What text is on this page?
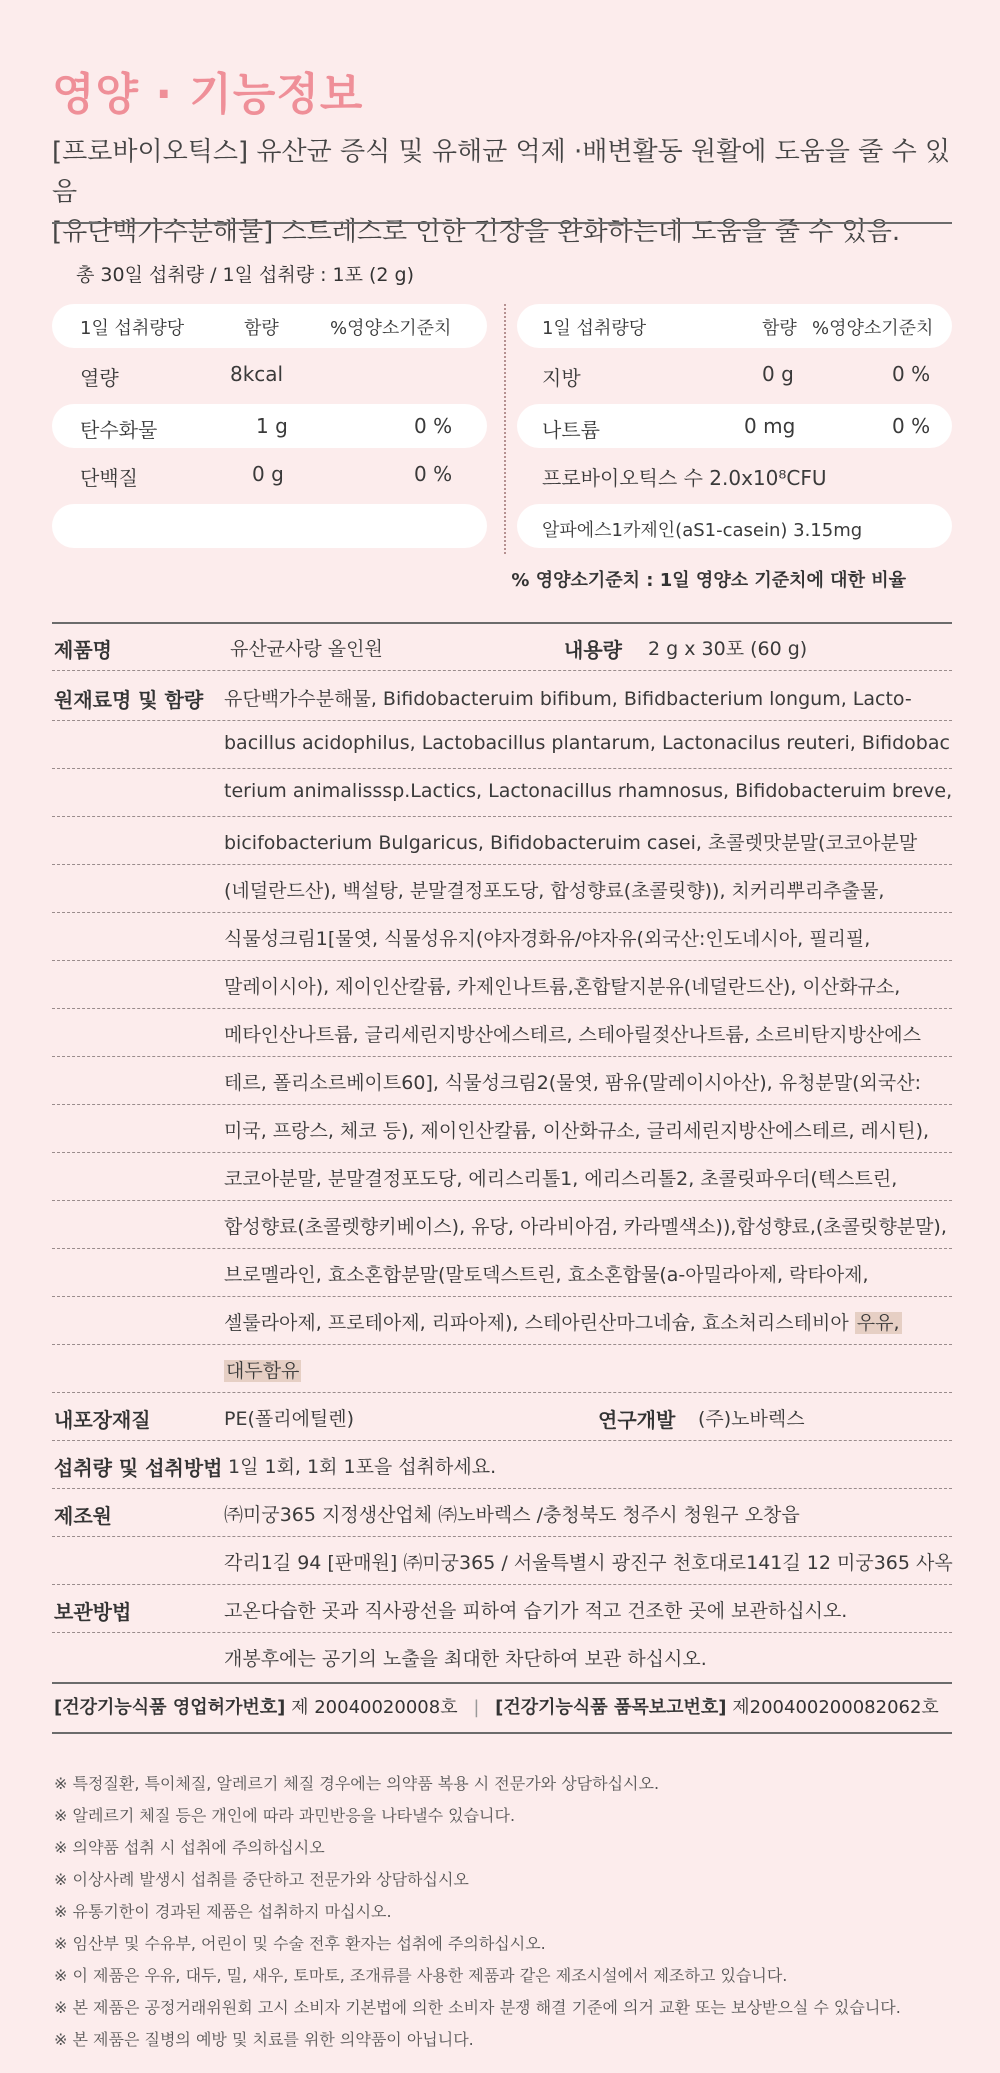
영양 · 기능정보
[프로바이오틱스] 유산균 증식 및 유해균 억제 ·배변활동 원활에 도움을 줄 수 있음
[유단백가수분해물] 스트레스로 인한 긴장을 완화하는데 도움을 줄 수 있음.
총 30일 섭취량 / 1일 섭취량 : 1포 (2 g)
1일 섭취량당	함량	%영양소기준치
열량	8kcal
탄수화물	1 g	0 %
단백질	0 g	0 %
1일 섭취량당	함량 %영양소기준치
지방	0 g	0 %
나트륨	0 mg	0 %
프로바이오틱스 수 2.0x10⁸CFU
알파에스1카제인(aS1-casein) 3.15mg
% 영양소기준치 : 1일 영양소 기준치에 대한 비율
제품명	유산균사랑 올인원	내용량 2 g x 30포 (60 g)
원재료명 및 함량 유단백가수분해물, Bifidobacteruim bifibum, Bifidbacterium longum, Lacto-
bacillus acidophilus, Lactobacillus plantarum, Lactonacilus reuteri, Bifidobac
terium animalisssp.Lactics, Lactonacillus rhamnosus, Bifidobacteruim breve,
bicifobacterium Bulgaricus, Bifidobacteruim casei, 초콜렛맛분말(코코아분말
(네덜란드산), 백설탕, 분말결정포도당, 합성향료(초콜릿향)), 치커리뿌리추출물,
식물성크림1[물엿, 식물성유지(야자경화유/야자유(외국산:인도네시아, 필리필,
말레이시아), 제이인산칼륨, 카제인나트륨,혼합탈지분유(네덜란드산), 이산화규소,
메타인산나트륨, 글리세린지방산에스테르, 스테아릴젖산나트륨, 소르비탄지방산에스
테르, 폴리소르베이트60], 식물성크림2(물엿, 팜유(말레이시아산), 유청분말(외국산:
미국, 프랑스, 체코 등), 제이인산칼륨, 이산화규소, 글리세린지방산에스테르, 레시틴),
코코아분말, 분말결정포도당, 에리스리톨1, 에리스리톨2, 초콜릿파우더(텍스트린,
합성향료(초콜렛향키베이스), 유당, 아라비아검, 카라멜색소)),합성향료,(초콜릿향분말),
브로멜라인, 효소혼합분말(말토덱스트린, 효소혼합물(a-아밀라아제, 락타아제,
셀룰라아제, 프로테아제, 리파아제), 스테아린산마그네슘, 효소처리스테비아 우유,
대두함유
내포장재질	PE(폴리에틸렌)	연구개발 (주)노바렉스
섭취량 및 섭취방법 1일 1회, 1회 1포을 섭취하세요.
제조원	㈜미궁365 지정생산업체 ㈜노바렉스 /충청북도 청주시 청원구 오창읍
각리1길 94 [판매원] ㈜미궁365 / 서울특별시 광진구 천호대로141길 12 미궁365 사옥
보관방법	고온다습한 곳과 직사광선을 피하여 습기가 적고 건조한 곳에 보관하십시오.
개봉후에는 공기의 노출을 최대한 차단하여 보관 하십시오.
[건강기능식품 영업허가번호] 제 20040020008호 | [건강기능식품 품목보고번호] 제200400200082062호
※ 특정질환, 특이체질, 알레르기 체질 경우에는 의약품 복용 시 전문가와 상담하십시오.
※ 알레르기 체질 등은 개인에 따라 과민반응을 나타낼수 있습니다.
※ 의약품 섭취 시 섭취에 주의하십시오
※ 이상사례 발생시 섭취를 중단하고 전문가와 상담하십시오
※ 유통기한이 경과된 제품은 섭취하지 마십시오.
※ 임산부 및 수유부, 어린이 및 수술 전후 환자는 섭취에 주의하십시오.
※ 이 제품은 우유, 대두, 밀, 새우, 토마토, 조개류를 사용한 제품과 같은 제조시설에서 제조하고 있습니다.
※ 본 제품은 공정거래위원회 고시 소비자 기본법에 의한 소비자 분쟁 해결 기준에 의거 교환 또는 보상받으실 수 있습니다.
※ 본 제품은 질병의 예방 및 치료를 위한 의약품이 아닙니다.
